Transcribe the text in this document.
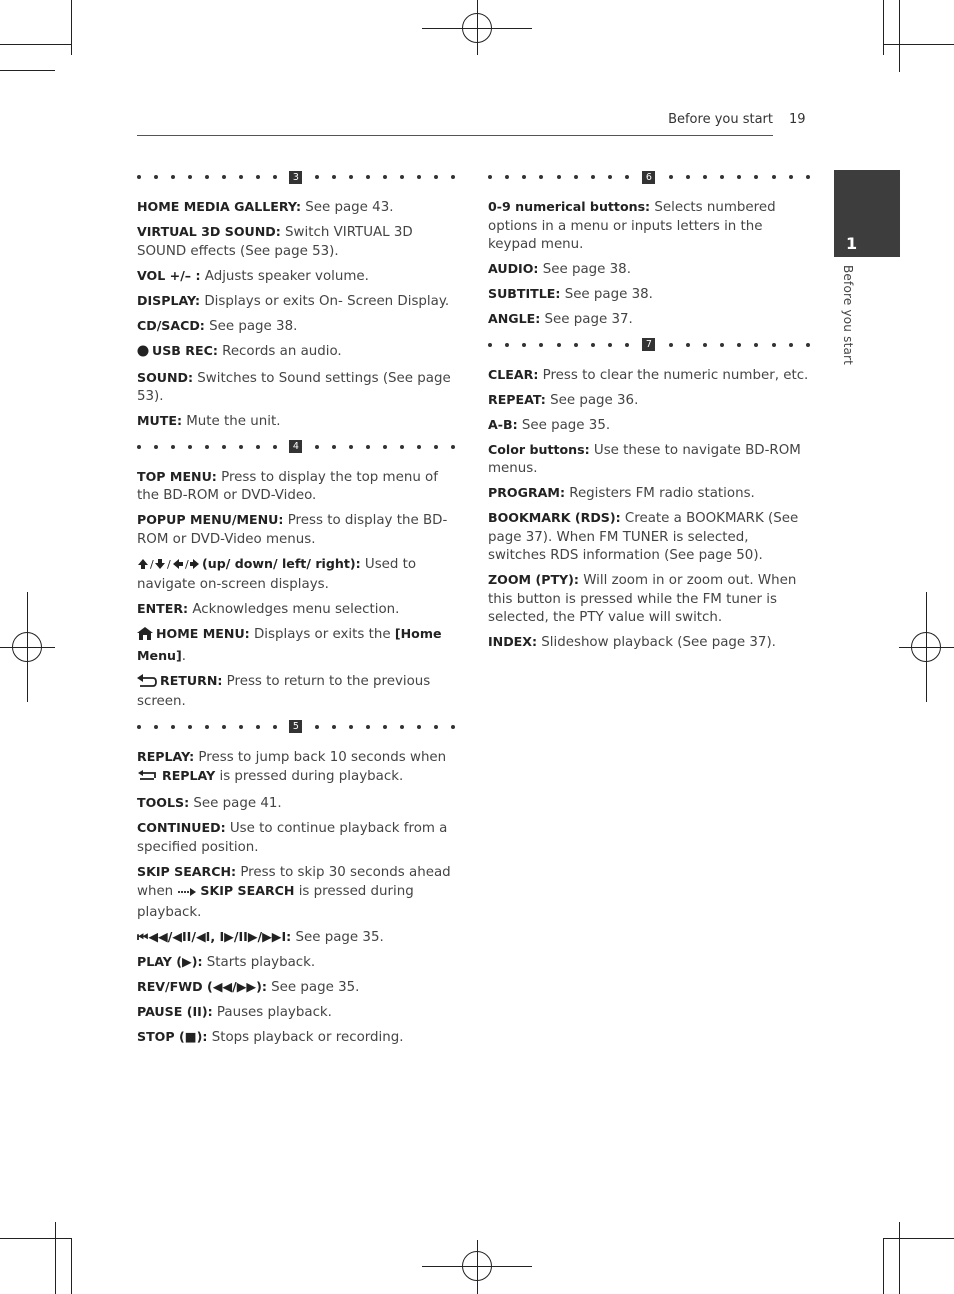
Before you start 19
1
Before you start
3
HOME MEDIA GALLERY: See page 43.
VIRTUAL 3D SOUND: Switch VIRTUAL 3D SOUND effects (See page 53).
VOL +/– : Adjusts speaker volume.
DISPLAY: Displays or exits On- Screen Display.
CD/SACD: See page 38.
USB REC: Records an audio.
SOUND: Switches to Sound settings (See page 53).
MUTE: Mute the unit.
4
TOP MENU: Press to display the top menu of the BD-ROM or DVD-Video.
POPUP MENU/MENU: Press to display the BD-ROM or DVD-Video menus.
/ / / (up/ down/ left/ right): Used to navigate on-screen displays.
ENTER: Acknowledges menu selection.
HOME MENU: Displays or exits the [Home Menu].
RETURN: Press to return to the previous screen.
5
REPLAY: Press to jump back 10 seconds when REPLAY is pressed during playback.
TOOLS: See page 41.
CONTINUED: Use to continue playback from a specified position.
SKIP SEARCH: Press to skip 30 seconds ahead when SKIP SEARCH is pressed during playback.
⏮◀◀/◀II/◀I, I▶/II▶/▶▶I: See page 35.
PLAY (▶): Starts playback.
REV/FWD (◀◀/▶▶): See page 35.
PAUSE (II): Pauses playback.
STOP (■): Stops playback or recording.
6
0-9 numerical buttons: Selects numbered options in a menu or inputs letters in the keypad menu.
AUDIO: See page 38.
SUBTITLE: See page 38.
ANGLE: See page 37.
7
CLEAR: Press to clear the numeric number, etc.
REPEAT: See page 36.
A-B: See page 35.
Color buttons: Use these to navigate BD-ROM menus.
PROGRAM: Registers FM radio stations.
BOOKMARK (RDS): Create a BOOKMARK (See page 37). When FM TUNER is selected, switches RDS information (See page 50).
ZOOM (PTY): Will zoom in or zoom out. When this button is pressed while the FM tuner is selected, the PTY value will switch.
INDEX: Slideshow playback (See page 37).
